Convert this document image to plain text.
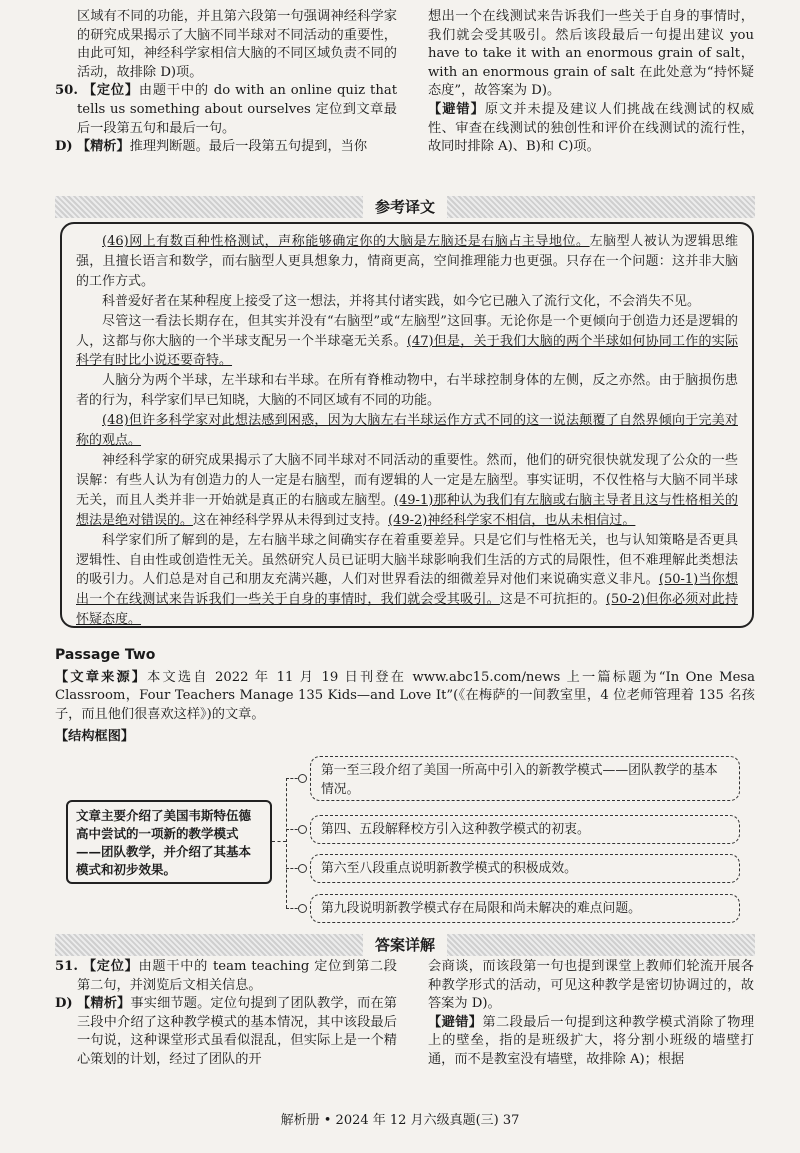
区域有不同的功能，并且第六段第一句强调神经科学家的研究成果揭示了大脑不同半球对不同活动的重要性，由此可知，神经科学家相信大脑的不同区域负责不同的活动，故排除 D)项。

50. 【定位】由题干中的 do with an online quiz that tells us something about ourselves 定位到文章最后一段第五句和最后一句。

D) 【精析】推理判断题。最后一段第五句提到，当你

想出一个在线测试来告诉我们一些关于自身的事情时，我们就会受其吸引。然后该段最后一句提出建议 you have to take it with an enormous grain of salt，with an enormous grain of salt 在此处意为“持怀疑态度”，故答案为 D)。

【避错】原文并未提及建议人们挑战在线测试的权威性、审查在线测试的独创性和评价在线测试的流行性，故同时排除 A)、B)和 C)项。

参考译文

(46)网上有数百种性格测试，声称能够确定你的大脑是左脑还是右脑占主导地位。左脑型人被认为逻辑思维强，且擅长语言和数学，而右脑型人更具想象力，情商更高，空间推理能力也更强。只存在一个问题：这并非大脑的工作方式。

科普爱好者在某种程度上接受了这一想法，并将其付诸实践，如今它已融入了流行文化，不会消失不见。

尽管这一看法长期存在，但其实并没有“右脑型”或“左脑型”这回事。无论你是一个更倾向于创造力还是逻辑的人，这都与你大脑的一个半球支配另一个半球毫无关系。(47)但是，关于我们大脑的两个半球如何协同工作的实际科学有时比小说还要奇特。

人脑分为两个半球，左半球和右半球。在所有脊椎动物中，右半球控制身体的左侧，反之亦然。由于脑损伤患者的行为，科学家们早已知晓，大脑的不同区域有不同的功能。

(48)但许多科学家对此想法感到困惑，因为大脑左右半球运作方式不同的这一说法颠覆了自然界倾向于完美对称的观点。

神经科学家的研究成果揭示了大脑不同半球对不同活动的重要性。然而，他们的研究很快就发现了公众的一些误解：有些人认为有创造力的人一定是右脑型，而有逻辑的人一定是左脑型。事实证明，不仅性格与大脑不同半球无关，而且人类并非一开始就是真正的右脑或左脑型。(49-1)那种认为我们有左脑或右脑主导者且这与性格相关的想法是绝对错误的。这在神经科学界从未得到过支持。(49-2)神经科学家不相信，也从未相信过。

科学家们所了解到的是，左右脑半球之间确实存在着重要差异。只是它们与性格无关，也与认知策略是否更具逻辑性、自由性或创造性无关。虽然研究人员已证明大脑半球影响我们生活的方式的局限性，但不难理解此类想法的吸引力。人们总是对自己和朋友充满兴趣，人们对世界看法的细微差异对他们来说确实意义非凡。(50-1)当你想出一个在线测试来告诉我们一些关于自身的事情时，我们就会受其吸引。这是不可抗拒的。(50-2)但你必须对此持怀疑态度。

Passage Two

【文章来源】本文选自 2022 年 11 月 19 日刊登在 www.abc15.com/news 上一篇标题为“In One Mesa Classroom，Four Teachers Manage 135 Kids—and Love It”(《在梅萨的一间教室里，4 位老师管理着 135 名孩子，而且他们很喜欢这样》)的文章。

【结构框图】
文章主要介绍了美国韦斯特伍德高中尝试的一项新的教学模式——团队教学，并介绍了其基本模式和初步效果。
第一至三段介绍了美国一所高中引入的新教学模式——团队教学的基本情况。
第四、五段解释校方引入这种教学模式的初衷。
第六至八段重点说明新教学模式的积极成效。
第九段说明新教学模式存在局限和尚未解决的难点问题。
答案详解

51. 【定位】由题干中的 team teaching 定位到第二段第二句，并浏览后文相关信息。

D) 【精析】事实细节题。定位句提到了团队教学，而在第三段中介绍了这种教学模式的基本情况，其中该段最后一句说，这种课堂形式虽看似混乱，但实际上是一个精心策划的计划，经过了团队的开

会商谈，而该段第一句也提到课堂上教师们轮流开展各种教学形式的活动，可见这种教学是密切协调过的，故答案为 D)。

【避错】第二段最后一句提到这种教学模式消除了物理上的壁垒，指的是班级扩大，将分割小班级的墙壁打通，而不是教室没有墙壁，故排除 A)；根据

解析册 • 2024 年 12 月六级真题(三) 37
